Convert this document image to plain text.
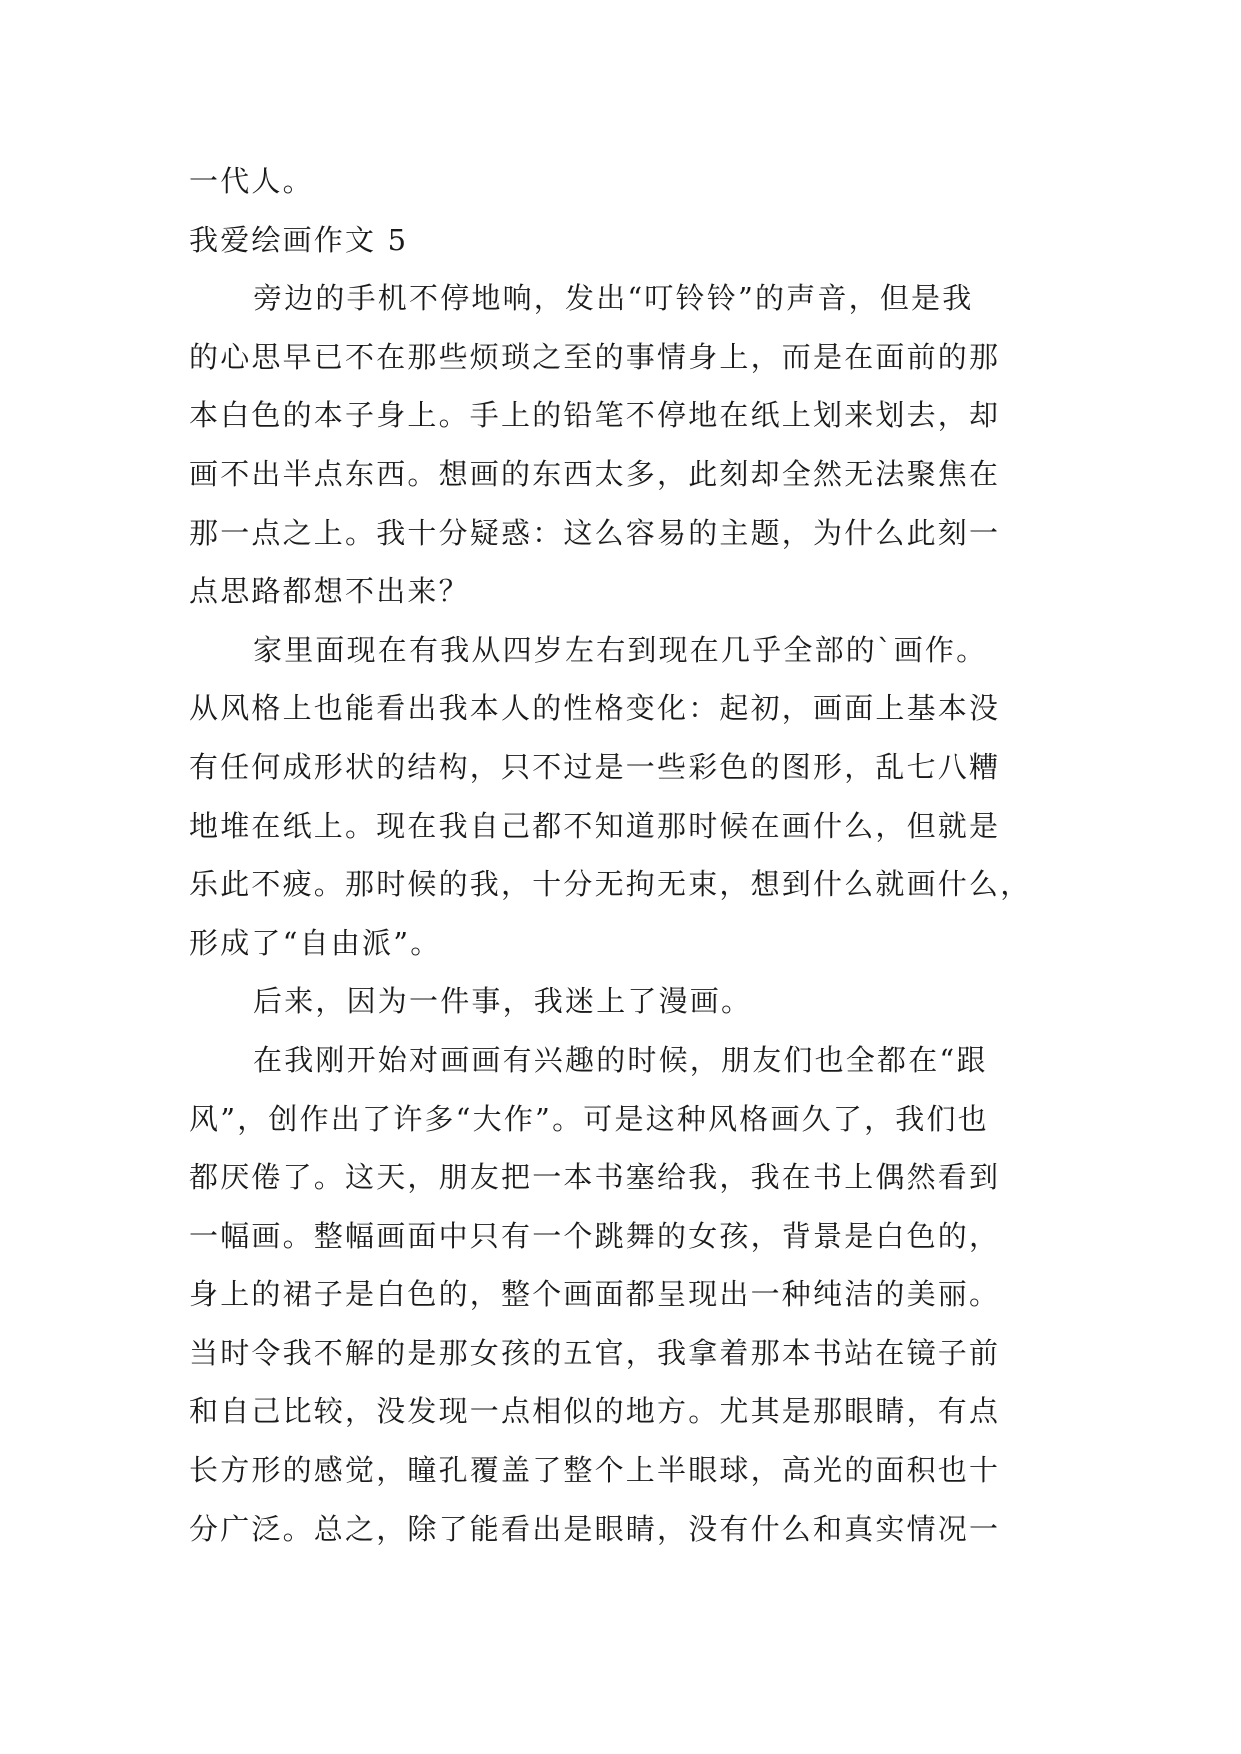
一代人。
我爱绘画作文 5
旁边的手机不停地响，发出“叮铃铃”的声音，但是我
的心思早已不在那些烦琐之至的事情身上，而是在面前的那
本白色的本子身上。手上的铅笔不停地在纸上划来划去，却
画不出半点东西。想画的东西太多，此刻却全然无法聚焦在
那一点之上。我十分疑惑：这么容易的主题，为什么此刻一
点思路都想不出来？
家里面现在有我从四岁左右到现在几乎全部的`画作。
从风格上也能看出我本人的性格变化：起初，画面上基本没
有任何成形状的结构，只不过是一些彩色的图形，乱七八糟
地堆在纸上。现在我自己都不知道那时候在画什么，但就是
乐此不疲。那时候的我，十分无拘无束，想到什么就画什么，
形成了“自由派”。
后来，因为一件事，我迷上了漫画。
在我刚开始对画画有兴趣的时候，朋友们也全都在“跟
风”，创作出了许多“大作”。可是这种风格画久了，我们也
都厌倦了。这天，朋友把一本书塞给我，我在书上偶然看到
一幅画。整幅画面中只有一个跳舞的女孩，背景是白色的，
身上的裙子是白色的，整个画面都呈现出一种纯洁的美丽。
当时令我不解的是那女孩的五官，我拿着那本书站在镜子前
和自己比较，没发现一点相似的地方。尤其是那眼睛，有点
长方形的感觉，瞳孔覆盖了整个上半眼球，高光的面积也十
分广泛。总之，除了能看出是眼睛，没有什么和真实情况一
